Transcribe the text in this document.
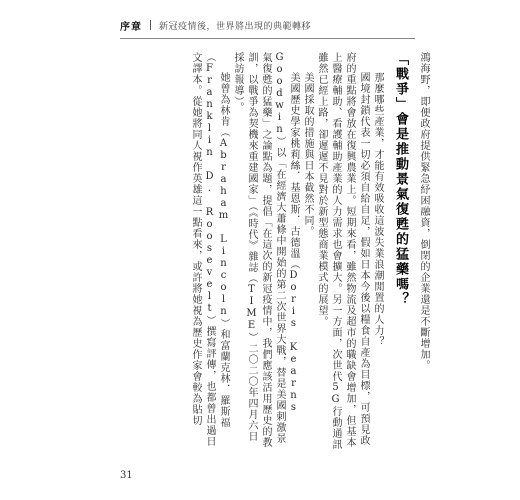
序章 新冠疫情後，世界將出現的典範轉移

鴻海野，即便政府提供緊急紓困融資，倒閉的企業還是不斷增加。

「戰爭」會是推動景氣復甦的猛藥嗎？

那麼哪些產業，才能有效吸收這波失業浪潮閒置的人力？

國境封鎖代表一切必須自給自足，假如日本今後以糧食自產為目標，可預見政府的重點將會放在復興農業上。短期來看，雖然物流及超市的職缺會增加，但基本上醫療輔助、看護輔助產業的人力需求也會擴大。另一方面，次世代5G行動通訊雖然已經上路，卻遲遲不見對於新型態商業模式的展望。

美國採取的措施與日本截然不同。

美國歷史學家桃莉絲．基恩斯．古德溫（Doris Kearns Goodwin）以「在經濟大蕭條中開始的第二次世界大戰，替是美國刺激景氣復甦的猛藥」之論點為題，提倡「在這次的新冠疫情中，我們應該活用歷史的教訓，以戰爭為契機來重建國家」（《時代》雜誌（TIME）二〇二〇年四月六日採訪報導）。

她曾為林肯（Abraham Lincoln）和富蘭克林．羅斯福（Franklin D. Roosevelt）撰寫評傳，也都曾出過日文譯本。從她將同人視作英雄這一點看來，或許將她視為歷史作家會較為貼切

31
